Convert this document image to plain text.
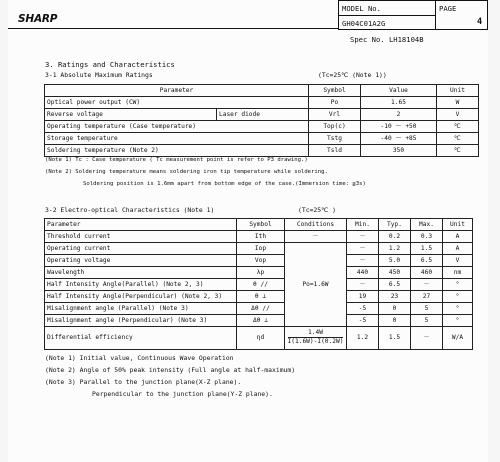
SHARP
MODEL No.
GH04C01A2G
PAGE
4
Spec No. LH18104B
3. Ratings and Characteristics
3-1 Absolute Maximum Ratings	(Tc=25℃ (Note 1))
Parameter		Symbol	Value	Unit
Optical power output (CW)		Po	1.65	W
Reverse voltage	Laser diode	Vrl	2	V
Operating temperature (Case temperature)		Top(c)	-10 ～ +50	℃
Storage temperature		Tstg	-40 ～ +85	℃
Soldering temperature (Note 2)		Tsld	350	℃
(Note 1) Tc : Case temperature ( Tc measurement point is refer to P3 drawing.)
(Note 2) Soldering temperature means soldering iron tip temperature while soldering.
Soldering position is 1.6mm apart from bottom edge of the case.(Immersion time: ≦3s)
3-2 Electro-optical Characteristics (Note 1)	(Tc=25℃ )
Parameter	Symbol	Conditions	Min.	Typ.	Max.	Unit
Threshold current	Ith	－	－	0.2	0.3	A
Operating current	Iop	Po=1.6W	－	1.2	1.5	A
Operating voltage	Vop		－	5.0	6.5	V
Wavelength	λp		440	450	460	nm
Half Intensity Angle(Parallel) (Note 2, 3)	θ //		－	6.5	－	°
Half Intensity Angle(Perpendicular) (Note 2, 3)	θ ⊥		19	23	27	°
Misalignment angle (Parallel) (Note 3)	Δθ //		-5	0	5	°
Misalignment angle (Perpendicular) (Note 3)	Δθ ⊥		-5	0	5	°
Differential efficiency	ηd	$\frac{1.4W}{I(1.6W)-I(0.2W)}$	1.2	1.5	－	W/A
(Note 1) Initial value, Continuous Wave Operation
(Note 2) Angle of 50% peak intensity (Full angle at half-maximum)
(Note 3) Parallel to the junction plane(X-Z plane).
Perpendicular to the junction plane(Y-Z plane).
